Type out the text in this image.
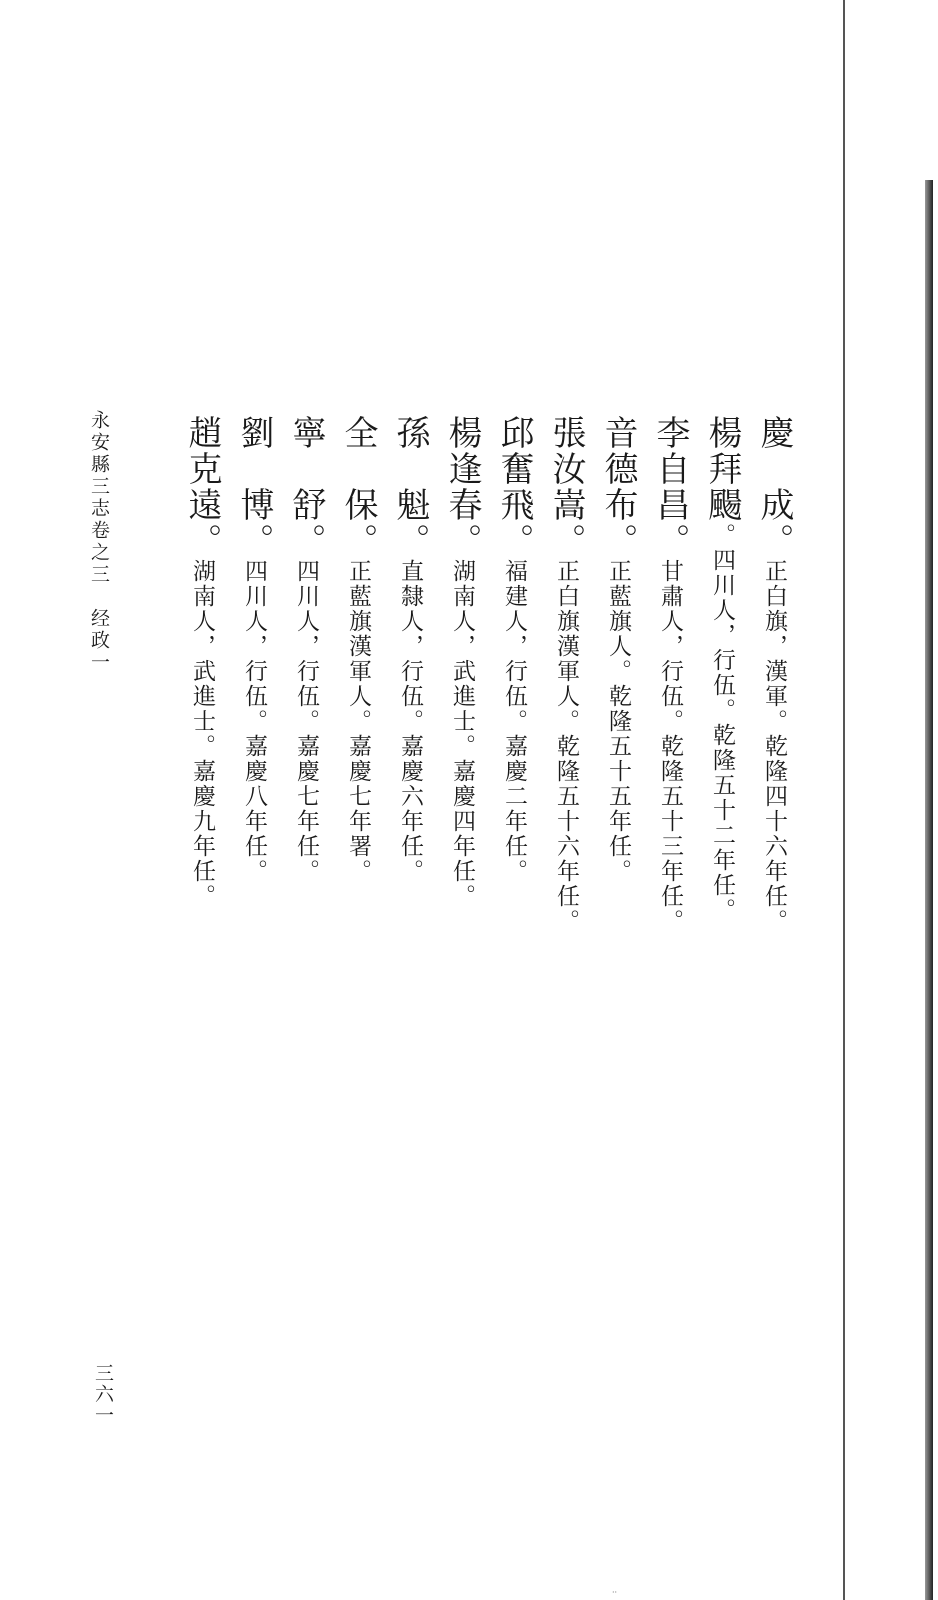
慶　成。正白旗，漢軍。乾隆四十六年任。
楊拜颺。四川人，行伍。乾隆五十二年任。
李自昌。甘肅人，行伍。乾隆五十三年任。
音德布。正藍旗人。乾隆五十五年任。
張汝嵩。正白旗漢軍人。乾隆五十六年任。
邱奮飛。福建人，行伍。嘉慶二年任。
楊逢春。湖南人，武進士。嘉慶四年任。
孫　魁。直隸人，行伍。嘉慶六年任。
全　保。正藍旗漢軍人。嘉慶七年署。
寧　舒。四川人，行伍。嘉慶七年任。
劉　博。四川人，行伍。嘉慶八年任。
趙克遠。湖南人，武進士。嘉慶九年任。
永安縣三志卷之三经政一
三六一
··
